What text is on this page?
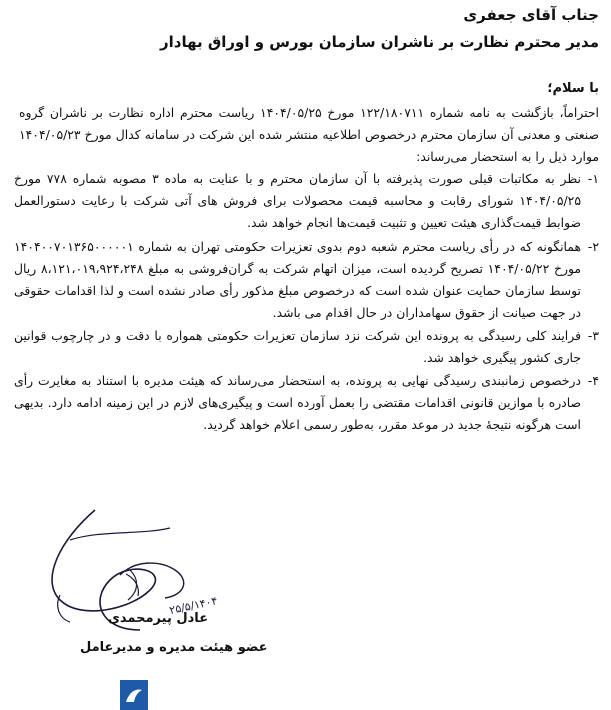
جناب آقای جعفری
مدیر محترم نظارت بر ناشران سازمان بورس و اوراق بهادار
با سلام؛
احتراماً، بازگشت به نامه شماره ۱۲۲/۱۸۰۷۱۱ مورخ ۱۴۰۴/۰۵/۲۵ ریاست محترم اداره نظارت بر ناشران گروه صنعتی و معدنی آن سازمان محترم درخصوص اطلاعیه منتشر شده این شرکت در سامانه کدال مورخ ۱۴۰۴/۰۵/۲۳ موارد ذیل را به استحضار می‌رساند:
۱-
نظر به مکاتبات قبلی صورت پذیرفته با آن سازمان محترم و با عنایت به ماده ۳ مصوبه شماره ۷۷۸ مورخ ۱۴۰۴/۰۵/۲۵ شورای رقابت و محاسبه قیمت محصولات برای فروش های آتی شرکت با رعایت دستورالعمل ضوابط قیمت‌گذاری هیئت تعیین و تثبیت قیمت‌ها انجام خواهد شد.
۲-
همانگونه که در رأی ریاست محترم شعبه دوم بدوی تعزیرات حکومتی تهران به شماره ۱۴۰۴۰۰۷۰۱۳۶۵۰۰۰۰۰۱ مورخ ۱۴۰۴/۰۵/۲۲ تصریح گردیده است، میزان اتهام شرکت به گران‌فروشی به مبلغ ۸،۱۲۱،۰۱۹،۹۲۴،۲۴۸ ریال توسط سازمان حمایت عنوان شده است که درخصوص مبلغ مذکور رأی صادر نشده است و لذا اقدامات حقوقی در جهت صیانت از حقوق سهامداران در حال اقدام می باشد.
۳-
فرایند کلی رسیدگی به پرونده این شرکت نزد سازمان تعزیرات حکومتی همواره با دقت و در چارچوب قوانین جاری کشور پیگیری خواهد شد.
۴-
درخصوص زمانبندی رسیدگی نهایی به پرونده، به استحضار می‌رساند که هیئت مدیره با استناد به مغایرت رأی صادره با موازین قانونی اقدامات مقتضی را بعمل آورده است و پیگیری‌های لازم در این زمینه ادامه دارد. بدیهی است هرگونه نتیجهٔ جدید در موعد مقرر، به‌طور رسمی اعلام خواهد گردید.
۲۵/۵/۱۴۰۴
عادل پیرمحمدی
عضو هیئت مدیره و مدیرعامل
